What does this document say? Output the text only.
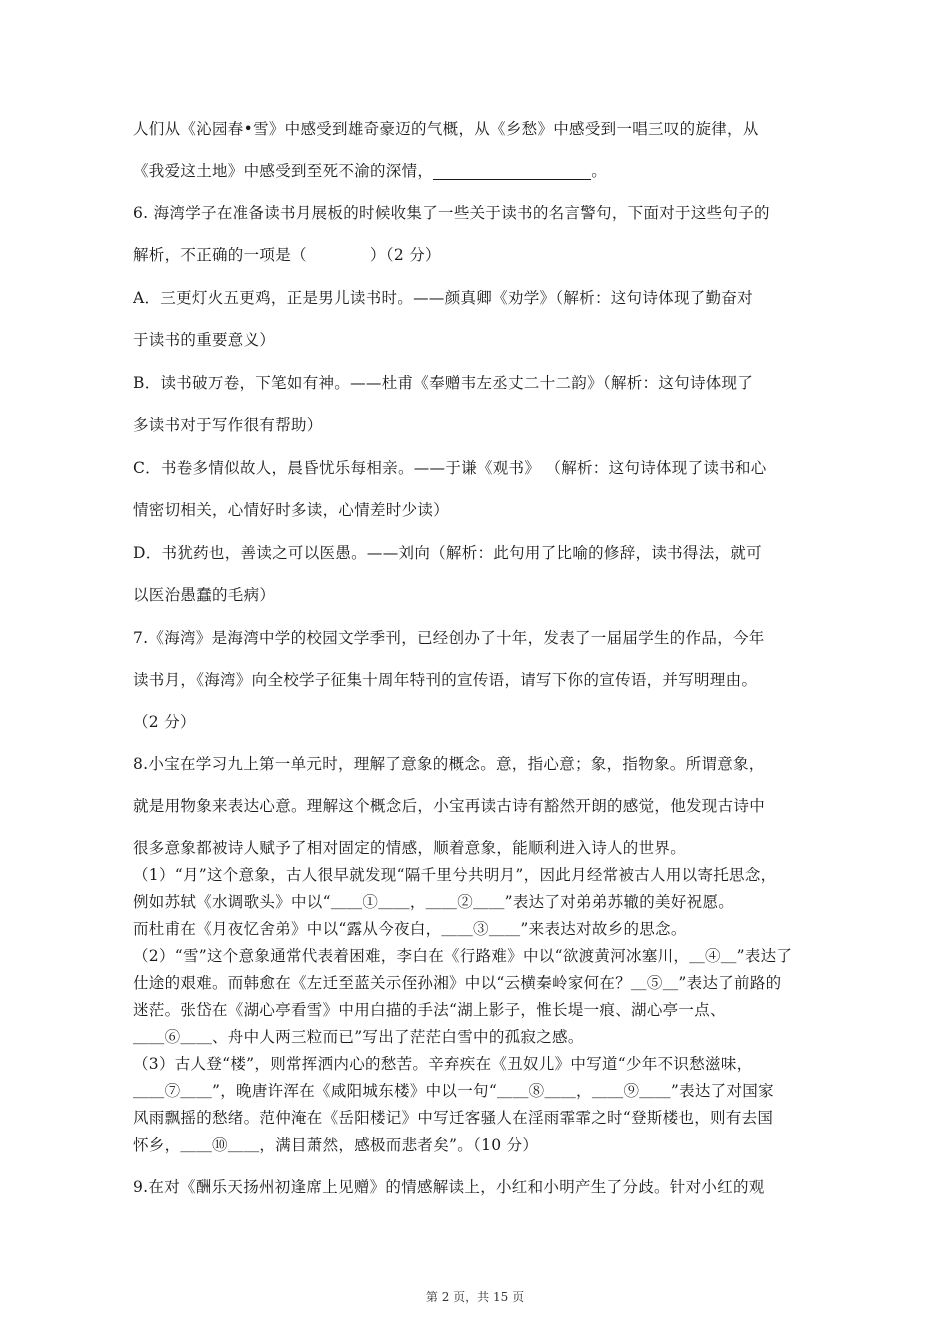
人们从《沁园春•雪》中感受到雄奇豪迈的气概，从《乡愁》中感受到一唱三叹的旋律，从
《我爱这土地》中感受到至死不渝的深情，	。
6. 海湾学子在准备读书月展板的时候收集了一些关于读书的名言警句，下面对于这些句子的
解析，不正确的一项是（　　　　）（2 分）
A．三更灯火五更鸡，正是男儿读书时。——颜真卿《劝学》（解析：这句诗体现了勤奋对
于读书的重要意义）
B．读书破万卷，下笔如有神。——杜甫《奉赠韦左丞丈二十二韵》（解析：这句诗体现了
多读书对于写作很有帮助）
C．书卷多情似故人，晨昏忧乐每相亲。——于谦《观书》 （解析：这句诗体现了读书和心
情密切相关，心情好时多读，心情差时少读）
D．书犹药也，善读之可以医愚。——刘向（解析：此句用了比喻的修辞，读书得法，就可
以医治愚蠢的毛病）
7.《海湾》是海湾中学的校园文学季刊，已经创办了十年，发表了一届届学生的作品，今年
读书月，《海湾》向全校学子征集十周年特刊的宣传语，请写下你的宣传语，并写明理由。
（2 分）
8.小宝在学习九上第一单元时，理解了意象的概念。意，指心意；象，指物象。所谓意象，
就是用物象来表达心意。理解这个概念后，小宝再读古诗有豁然开朗的感觉，他发现古诗中
很多意象都被诗人赋予了相对固定的情感，顺着意象，能顺利进入诗人的世界。
（1）“月”这个意象，古人很早就发现“隔千里兮共明月”，因此月经常被古人用以寄托思念，
例如苏轼《水调歌头》中以“＿＿①＿＿，＿＿②＿＿”表达了对弟弟苏辙的美好祝愿。
而杜甫在《月夜忆舍弟》中以“露从今夜白，＿＿③＿＿”来表达对故乡的思念。
（2）“雪”这个意象通常代表着困难，李白在《行路难》中以“欲渡黄河冰塞川，＿④＿”表达了
仕途的艰难。而韩愈在《左迁至蓝关示侄孙湘》中以“云横秦岭家何在？＿⑤＿”表达了前路的
迷茫。张岱在《湖心亭看雪》中用白描的手法“湖上影子，惟长堤一痕、湖心亭一点、
＿＿⑥＿＿、舟中人两三粒而已”写出了茫茫白雪中的孤寂之感。
（3）古人登“楼”，则常挥洒内心的愁苦。辛弃疾在《丑奴儿》中写道“少年不识愁滋味，
＿＿⑦＿＿”，晚唐许浑在《咸阳城东楼》中以一句“＿＿⑧＿＿，＿＿⑨＿＿”表达了对国家
风雨飘摇的愁绪。范仲淹在《岳阳楼记》中写迁客骚人在淫雨霏霏之时“登斯楼也，则有去国
怀乡，＿＿⑩＿＿，满目萧然，感极而悲者矣”。（10 分）
9.在对《酬乐天扬州初逢席上见赠》的情感解读上，小红和小明产生了分歧。针对小红的观
第 2 页，共 15 页
